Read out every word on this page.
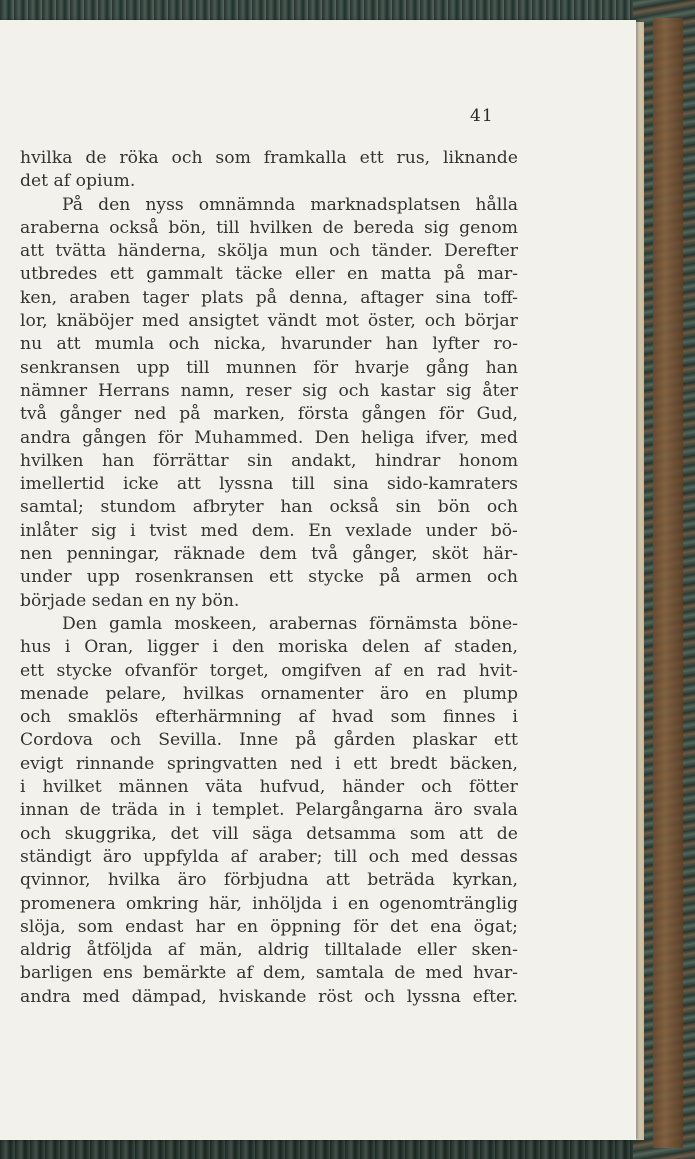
41
hvilka de röka och som framkalla ett rus, liknande
det af opium.
På den nyss omnämnda marknadsplatsen hålla
araberna också bön, till hvilken de bereda sig genom
att tvätta händerna, skölja mun och tänder. Derefter
utbredes ett gammalt täcke eller en matta på mar-
ken, araben tager plats på denna, aftager sina toff-
lor, knäböjer med ansigtet vändt mot öster, och börjar
nu att mumla och nicka, hvarunder han lyfter ro-
senkransen upp till munnen för hvarje gång han
nämner Herrans namn, reser sig och kastar sig åter
två gånger ned på marken, första gången för Gud,
andra gången för Muhammed. Den heliga ifver, med
hvilken han förrättar sin andakt, hindrar honom
imellertid icke att lyssna till sina sido-kamraters
samtal; stundom afbryter han också sin bön och
inlåter sig i tvist med dem. En vexlade under bö-
nen penningar, räknade dem två gånger, sköt här-
under upp rosenkransen ett stycke på armen och
började sedan en ny bön.
Den gamla moskeen, arabernas förnämsta böne-
hus i Oran, ligger i den moriska delen af staden,
ett stycke ofvanför torget, omgifven af en rad hvit-
menade pelare, hvilkas ornamenter äro en plump
och smaklös efterhärmning af hvad som finnes i
Cordova och Sevilla. Inne på gården plaskar ett
evigt rinnande springvatten ned i ett bredt bäcken,
i hvilket männen väta hufvud, händer och fötter
innan de träda in i templet. Pelargångarna äro svala
och skuggrika, det vill säga detsamma som att de
ständigt äro uppfylda af araber; till och med dessas
qvinnor, hvilka äro förbjudna att beträda kyrkan,
promenera omkring här, inhöljda i en ogenomtränglig
slöja, som endast har en öppning för det ena ögat;
aldrig åtföljda af män, aldrig tilltalade eller sken-
barligen ens bemärkte af dem, samtala de med hvar-
andra med dämpad, hviskande röst och lyssna efter.
